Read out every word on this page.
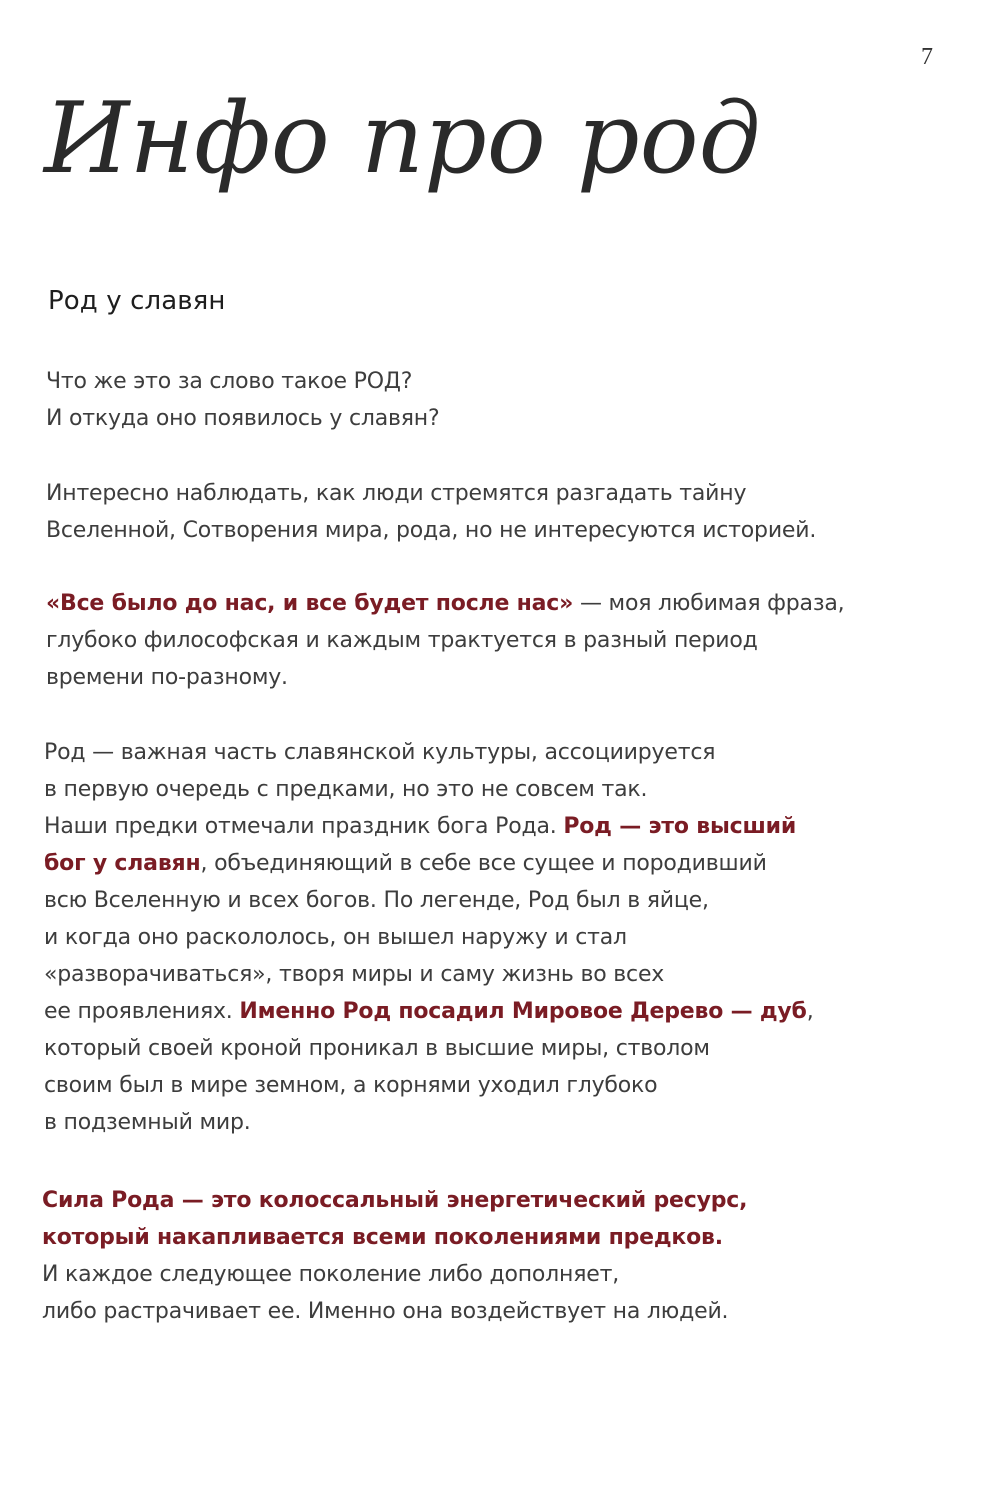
7
Инфо про род
Род у славян

Что же это за слово такое РОД?
И откуда оно появилось у славян?

Интересно наблюдать, как люди стремятся разгадать тайну
Вселенной, Сотворения мира, рода, но не интересуются историей.

«Все было до нас, и все будет после нас» — моя любимая фраза,
глубоко философская и каждым трактуется в разный период
времени по-разному.

Род — важная часть славянской культуры, ассоциируется
в первую очередь с предками, но это не совсем так.
Наши предки отмечали праздник бога Рода. Род — это высший
бог у славян, объединяющий в себе все сущее и породивший
всю Вселенную и всех богов. По легенде, Род был в яйце,
и когда оно раскололось, он вышел наружу и стал
«разворачиваться», творя миры и саму жизнь во всех
ее проявлениях. Именно Род посадил Мировое Дерево — дуб,
который своей кроной проникал в высшие миры, стволом
своим был в мире земном, а корнями уходил глубоко
в подземный мир.

Сила Рода — это колоссальный энергетический ресурс,
который накапливается всеми поколениями предков.
И каждое следующее поколение либо дополняет,
либо растрачивает ее. Именно она воздействует на людей.
